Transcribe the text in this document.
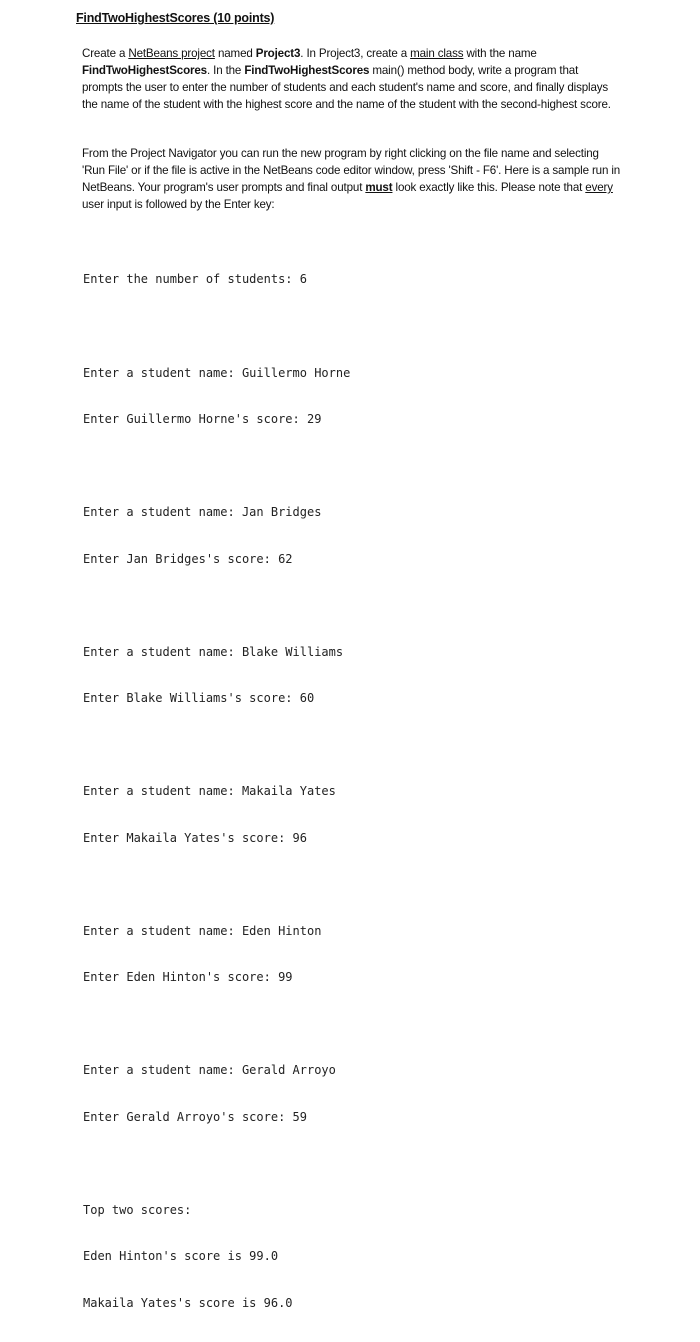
FindTwoHighestScores (10 points)
Create a NetBeans project named Project3. In Project3, create a main class with the name
FindTwoHighestScores. In the FindTwoHighestScores main() method body, write a program that prompts the user to enter the number of students and each student's name and score, and finally displays the name of the student with the highest score and the name of the student with the second-highest score.
From the Project Navigator you can run the new program by right clicking on the file name and selecting 'Run File' or if the file is active in the NetBeans code editor window, press 'Shift - F6'. Here is a sample run in NetBeans. Your program's user prompts and final output must look exactly like this. Please note that every user input is followed by the Enter key:

Enter the number of students: 6

Enter a student name: Guillermo Horne

Enter Guillermo Horne's score: 29

Enter a student name: Jan Bridges

Enter Jan Bridges's score: 62

Enter a student name: Blake Williams

Enter Blake Williams's score: 60

Enter a student name: Makaila Yates

Enter Makaila Yates's score: 96

Enter a student name: Eden Hinton

Enter Eden Hinton's score: 99

Enter a student name: Gerald Arroyo

Enter Gerald Arroyo's score: 59

Top two scores:

Eden Hinton's score is 99.0

Makaila Yates's score is 96.0
